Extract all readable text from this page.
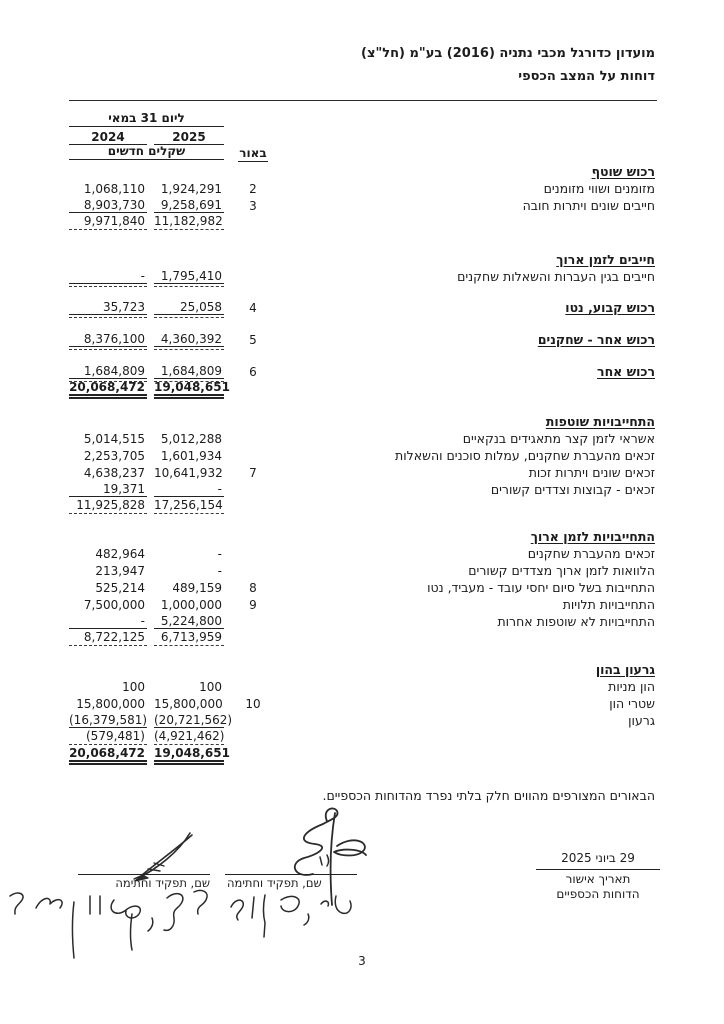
מועדון כדורגל מכבי נתניה (2016) בע"מ (חל"צ)
דוחות על המצב הכספי
ליום 31 במאי
2024	2025
שקלים חדשים	באור
רכוש שוטף
1,068,110	1,924,291	2	מזומנים ושווי מזומנים
8,903,730	9,258,691	3	חייבים שונים ויתרות חובה
9,971,840 11,182,982
חייבים לזמן ארוך
-	1,795,410	חייבים בגין העברות והשאלות שחקנים
35,723	25,058	4	רכוש קבוע, נטו
8,376,100	4,360,392	5	רכוש אחר - שחקנים
1,684,809	1,684,809	6	רכוש אחר
20,068,472 19,048,651
התחייבויות שוטפות
5,014,515	5,012,288	אשראי לזמן קצר מתאגידים בנקאיים
2,253,705	1,601,934	זכאים מהעברת שחקנים, עמלות סוכנים והשאלות
4,638,237 10,641,932	7	זכאים שונים ויתרות זכות
19,371	-	זכאים - קבוצות וצדדים קשורים
11,925,828 17,256,154
התחייבויות לזמן ארוך
482,964	-	זכאים מהעברת שחקנים
213,947	-	הלוואות לזמן ארוך מצדדים קשורים
525,214	489,159	8	התחייבות בשל סיום יחסי עובד - מעביד, נטו
7,500,000	1,000,000	9	התחייבויות תלויות
-	5,224,800	התחייבויות לא שוטפות אחרות
8,722,125	6,713,959
גרעון בהון
100	100	הון מניות
15,800,000 15,800,000	10	שטרי הון
(16,379,581) (20,721,562)	גרעון
(579,481) (4,921,462)
20,068,472 19,048,651
הבאורים המצורפים מהווים חלק בלתי נפרד מהדוחות הכספיים.
29 ביוני 2025
תאריך אישור
הדוחות הכספיים
שם, תפקיד וחתימה
שם, תפקיד וחתימה
3
